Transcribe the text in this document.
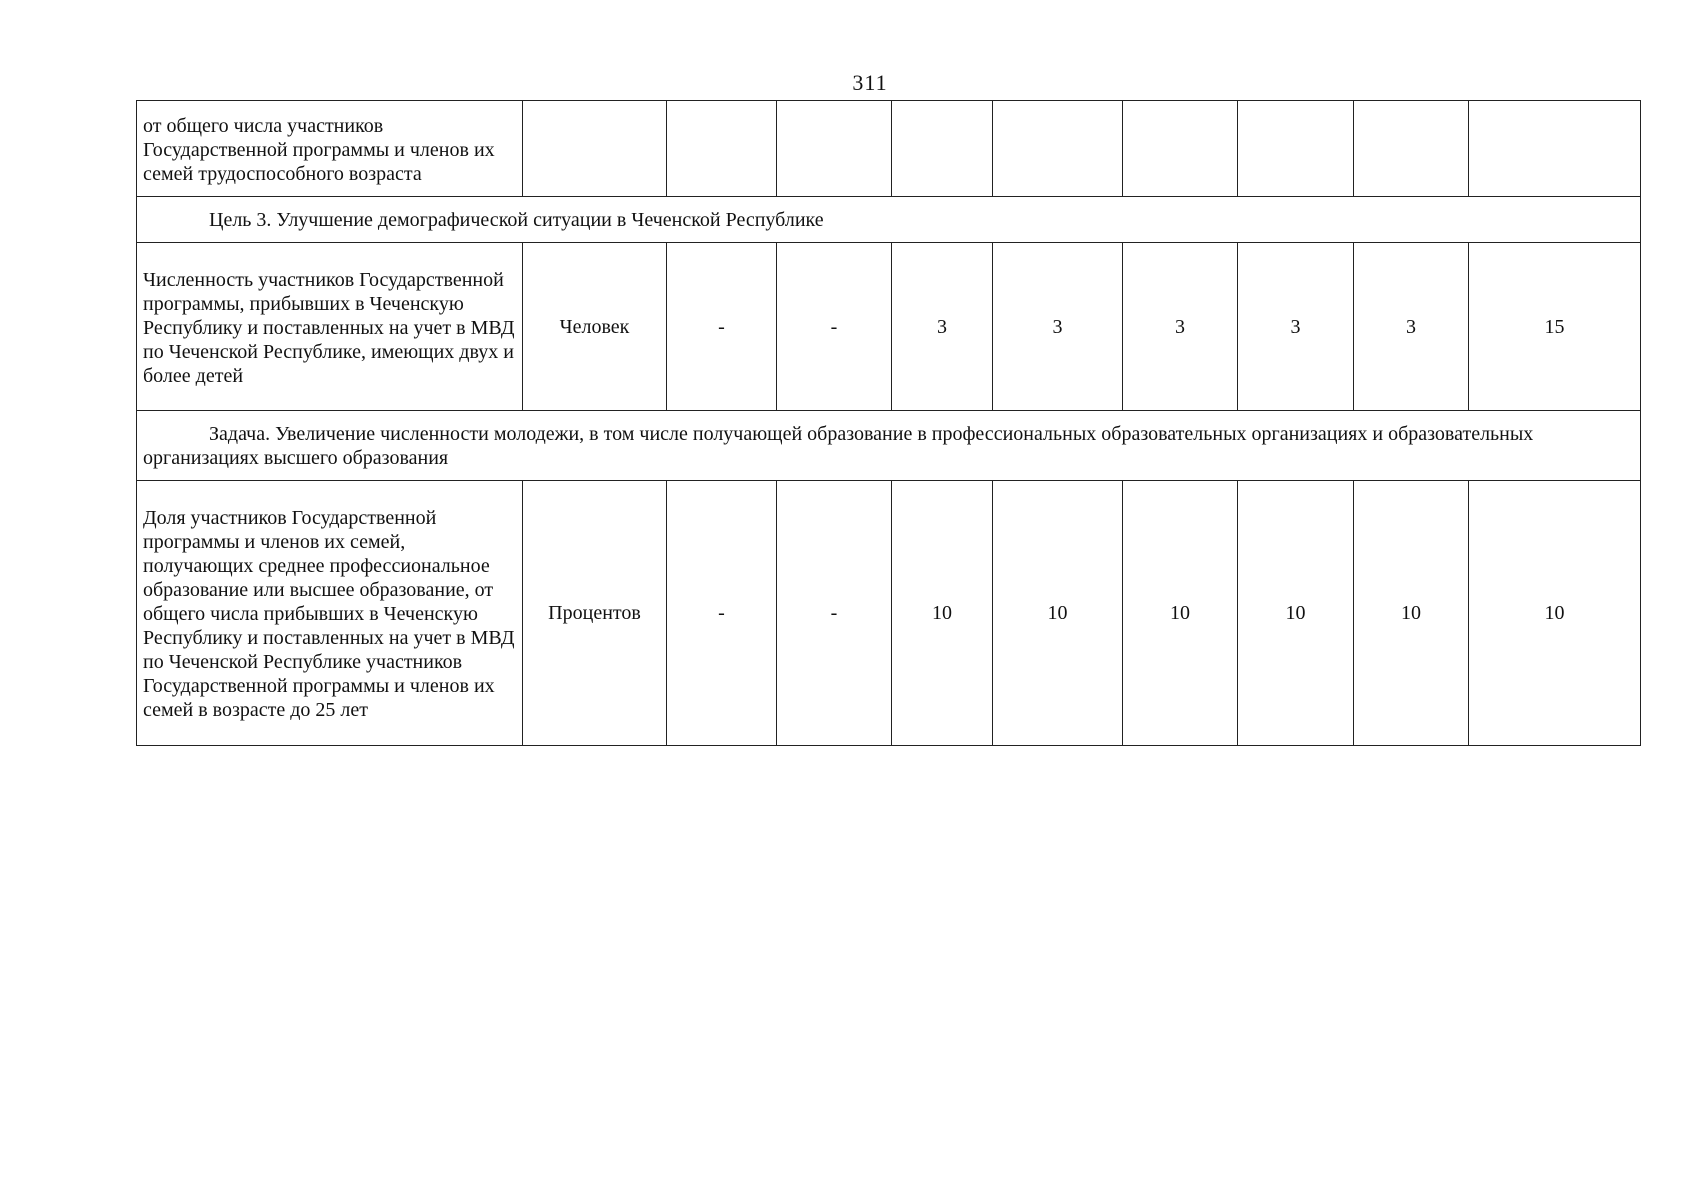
311
от общего числа участников Государственной программы и членов их семей трудоспособного возраста									
Цель 3. Улучшение демографической ситуации в Чеченской Республике									
Численность участников Государственной программы, прибывших в Чеченскую Республику и поставленных на учет в МВД по Чеченской Республике, имеющих двух и более детей	Человек	-	-	3	3	3	3	3	15
Задача. Увеличение численности молодежи, в том числе получающей образование в профессиональных образовательных организациях и образовательных организациях высшего образования									
Доля участников Государственной программы и членов их семей, получающих среднее профессиональное образование или высшее образование, от общего числа прибывших в Чеченскую Республику и поставленных на учет в МВД по Чеченской Республике участников Государственной программы и членов их семей в возрасте до 25 лет	Процентов	-	-	10	10	10	10	10	10
